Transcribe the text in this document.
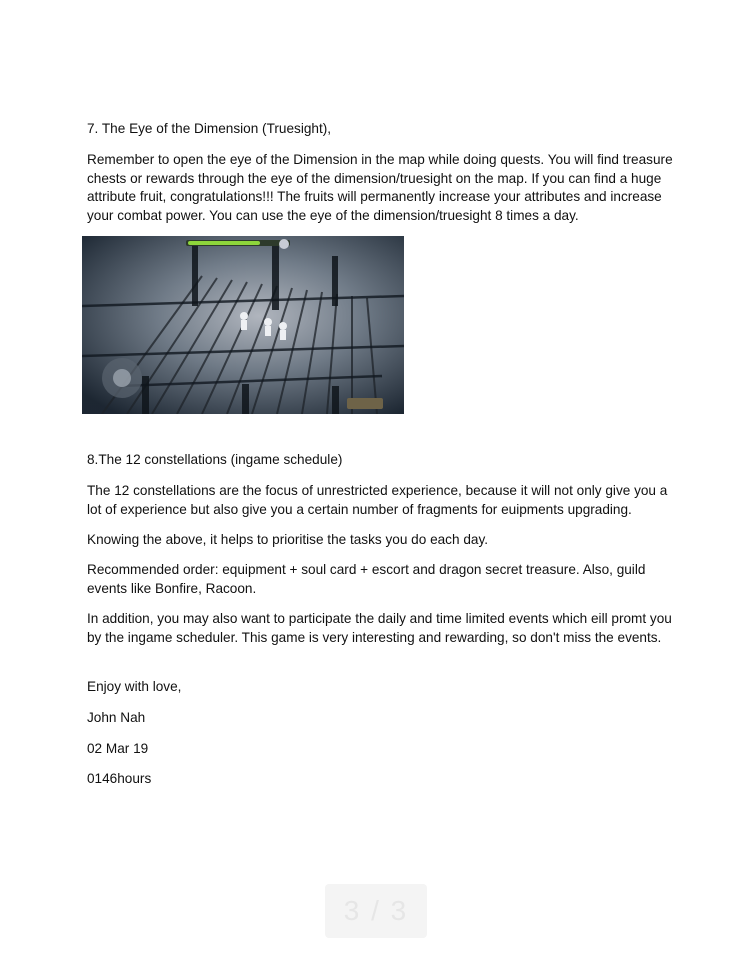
7. The Eye of the Dimension (Truesight),

Remember to open the eye of the Dimension in the map while doing quests. You will find treasure chests or rewards through the eye of the dimension/truesight on the map. If you can find a huge attribute fruit, congratulations!!! The fruits will permanently increase your attributes and increase your combat power. You can use the eye of the dimension/truesight 8 times a day.

8.The 12 constellations (ingame schedule)

The 12 constellations are the focus of unrestricted experience, because it will not only give you a lot of experience but also give you a certain number of fragments for euipments upgrading.

Knowing the above, it helps to prioritise the tasks you do each day.

Recommended order: equipment + soul card + escort and dragon secret treasure. Also, guild events like Bonfire, Racoon.

In addition, you may also want to participate the daily and time limited events which eill promt you by the ingame scheduler. This game is very interesting and rewarding, so don't miss the events.

Enjoy with love,

John Nah

02 Mar 19

0146hours

3 / 3
